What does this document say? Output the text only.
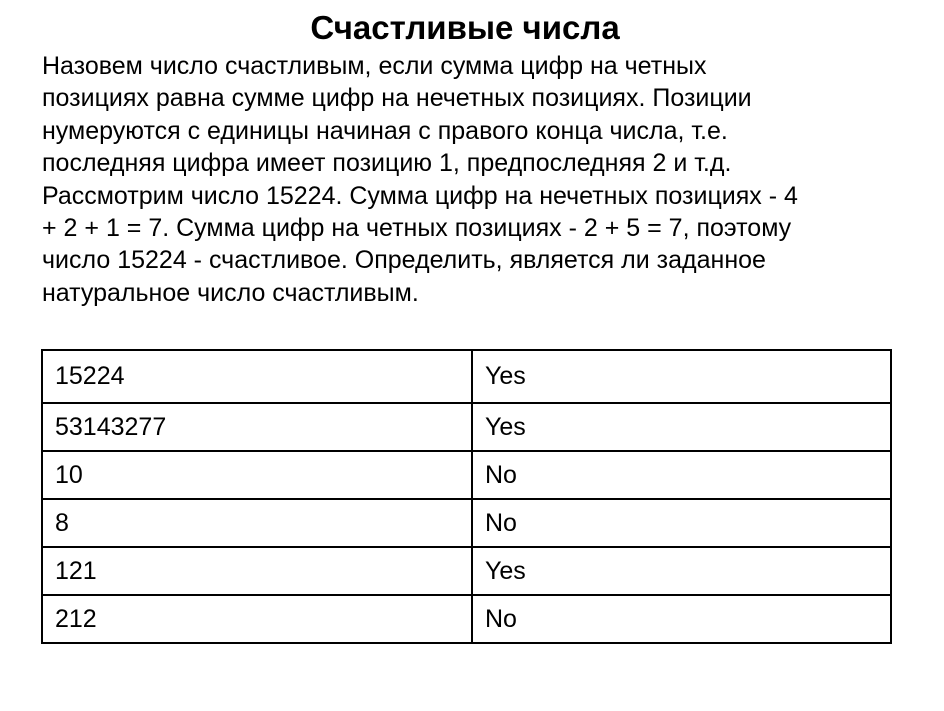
Счастливые числа
Назовем число счастливым, если сумма цифр на четных
позициях равна сумме цифр на нечетных позициях. Позиции
нумеруются с единицы начиная с правого конца числа, т.е.
последняя цифра имеет позицию 1, предпоследняя 2 и т.д.
Рассмотрим число 15224. Сумма цифр на нечетных позициях - 4
+ 2 + 1 = 7. Сумма цифр на четных позициях - 2 + 5 = 7, поэтому
число 15224 - счастливое. Определить, является ли заданное
натуральное число счастливым.
15224	Yes
53143277	Yes
10	No
8	No
121	Yes
212	No
